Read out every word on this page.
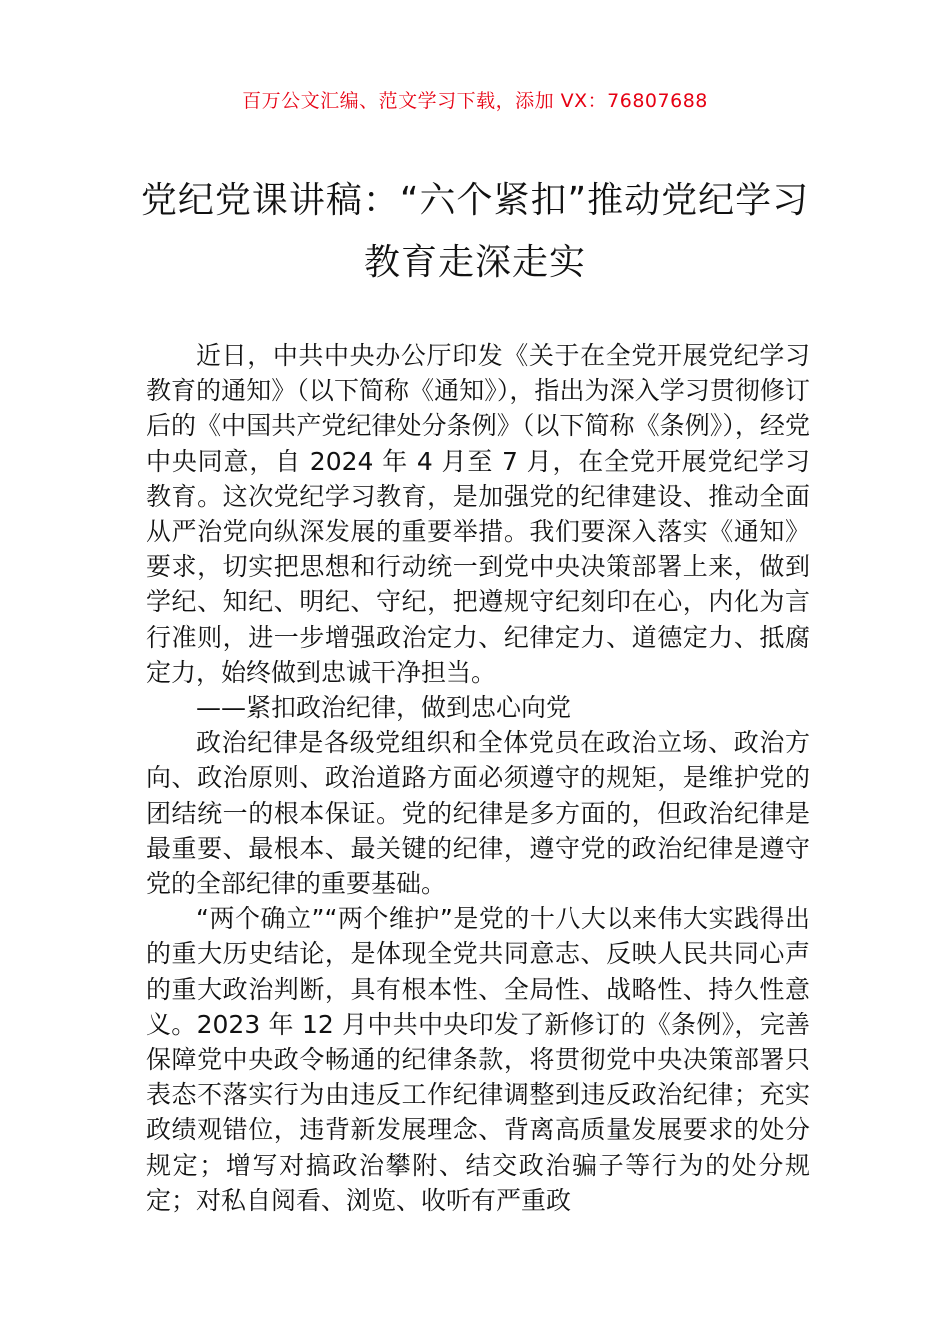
百万公文汇编、范文学习下载，添加 VX：76807688
党纪党课讲稿：“六个紧扣”推动党纪学习教育走深走实

近日，中共中央办公厅印发《关于在全党开展党纪学习教育的通知》（以下简称《通知》），指出为深入学习贯彻修订后的《中国共产党纪律处分条例》（以下简称《条例》），经党中央同意，自 2024 年 4 月至 7 月，在全党开展党纪学习教育。这次党纪学习教育，是加强党的纪律建设、推动全面从严治党向纵深发展的重要举措。我们要深入落实《通知》要求，切实把思想和行动统一到党中央决策部署上来，做到学纪、知纪、明纪、守纪，把遵规守纪刻印在心，内化为言行准则，进一步增强政治定力、纪律定力、道德定力、抵腐定力，始终做到忠诚干净担当。

——紧扣政治纪律，做到忠心向党

政治纪律是各级党组织和全体党员在政治立场、政治方向、政治原则、政治道路方面必须遵守的规矩，是维护党的团结统一的根本保证。党的纪律是多方面的，但政治纪律是最重要、最根本、最关键的纪律，遵守党的政治纪律是遵守党的全部纪律的重要基础。

“两个确立”“两个维护”是党的十八大以来伟大实践得出的重大历史结论，是体现全党共同意志、反映人民共同心声的重大政治判断，具有根本性、全局性、战略性、持久性意义。2023 年 12 月中共中央印发了新修订的《条例》，完善保障党中央政令畅通的纪律条款，将贯彻党中央决策部署只表态不落实行为由违反工作纪律调整到违反政治纪律；充实政绩观错位，违背新发展理念、背离高质量发展要求的处分规定；增写对搞政治攀附、结交政治骗子等行为的处分规定；对私自阅看、浏览、收听有严重政
